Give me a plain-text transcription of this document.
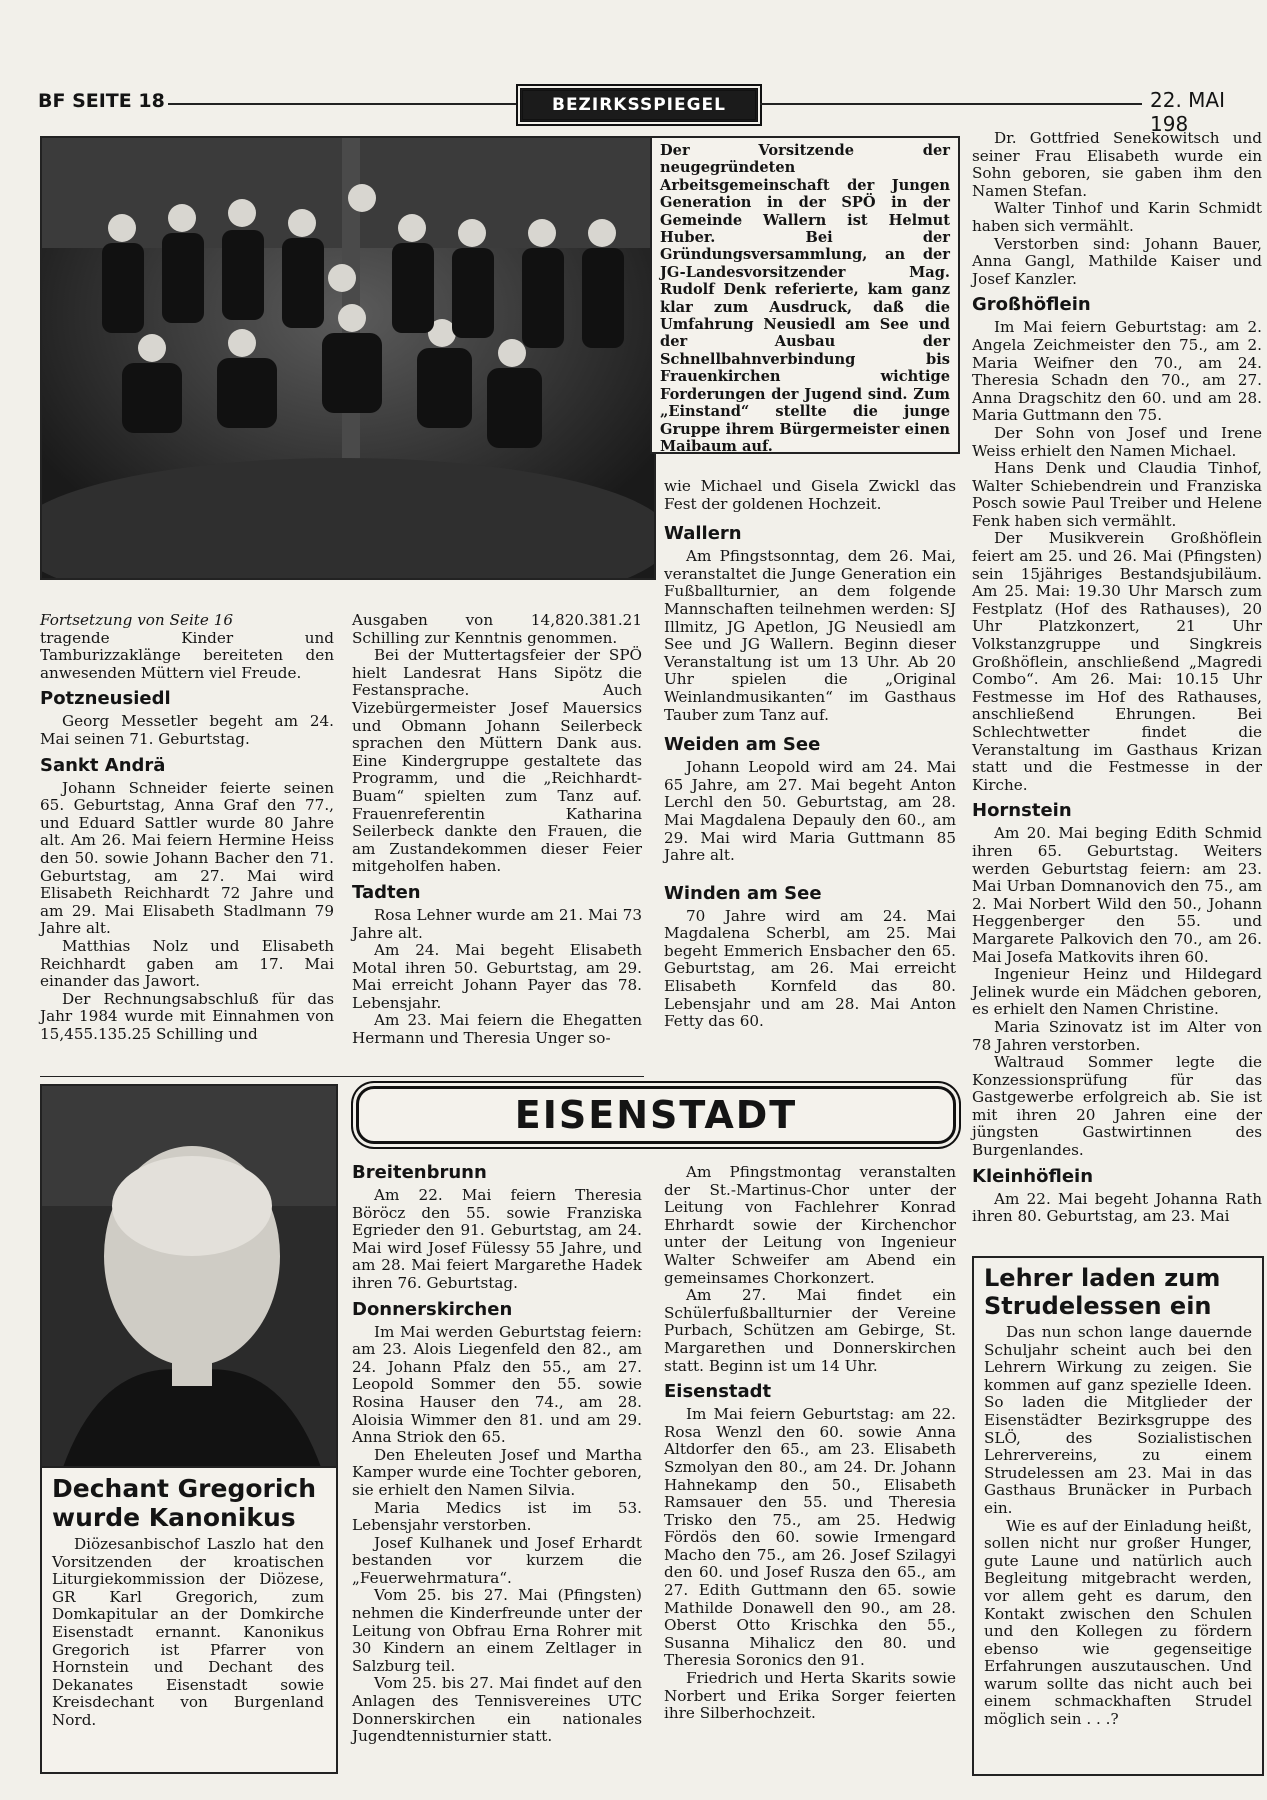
BF SEITE 18	BEZIRKSSPIEGEL	22. MAI 198
Der Vorsitzende der neugegründeten Arbeitsgemeinschaft der Jungen Generation in der SPÖ in der Gemeinde Wallern ist Helmut Huber. Bei der Gründungsversammlung, an der JG-Landesvorsitzender Mag. Rudolf Denk referierte, kam ganz klar zum Ausdruck, daß die Umfahrung Neusiedl am See und der Ausbau der Schnellbahnverbindung bis Frauenkirchen wichtige Forderungen der Jugend sind. Zum „Einstand“ stellte die junge Gruppe ihrem Bürgermeister einen Maibaum auf.

Fortsetzung von Seite 16

tragende Kinder und Tamburizzaklänge bereiteten den anwesenden Müttern viel Freude.

Potzneusiedl

Georg Messetler begeht am 24. Mai seinen 71. Geburtstag.

Sankt Andrä

Johann Schneider feierte seinen 65. Geburtstag, Anna Graf den 77., und Eduard Sattler wurde 80 Jahre alt. Am 26. Mai feiern Hermine Heiss den 50. sowie Johann Bacher den 71. Geburtstag, am 27. Mai wird Elisabeth Reichhardt 72 Jahre und am 29. Mai Elisabeth Stadlmann 79 Jahre alt.

Matthias Nolz und Elisabeth Reichhardt gaben am 17. Mai einander das Jawort.

Der Rechnungsabschluß für das Jahr 1984 wurde mit Einnahmen von 15,455.135.25 Schilling und

Ausgaben von 14,820.381.21 Schilling zur Kenntnis genommen.

Bei der Muttertagsfeier der SPÖ hielt Landesrat Hans Sipötz die Festansprache. Auch Vizebürgermeister Josef Mauersics und Obmann Johann Seilerbeck sprachen den Müttern Dank aus. Eine Kindergruppe gestaltete das Programm, und die „Reichhardt-Buam“ spielten zum Tanz auf. Frauenreferentin Katharina Seilerbeck dankte den Frauen, die am Zustandekommen dieser Feier mitgeholfen haben.

Tadten

Rosa Lehner wurde am 21. Mai 73 Jahre alt.

Am 24. Mai begeht Elisabeth Motal ihren 50. Geburtstag, am 29. Mai erreicht Johann Payer das 78. Lebensjahr.

Am 23. Mai feiern die Ehegatten Hermann und Theresia Unger so-

wie Michael und Gisela Zwickl das Fest der goldenen Hochzeit.

Wallern

Am Pfingstsonntag, dem 26. Mai, veranstaltet die Junge Generation ein Fußballturnier, an dem folgende Mannschaften teilnehmen werden: SJ Illmitz, JG Apetlon, JG Neusiedl am See und JG Wallern. Beginn dieser Veranstaltung ist um 13 Uhr. Ab 20 Uhr spielen die „Original Weinlandmusikanten“ im Gasthaus Tauber zum Tanz auf.

Weiden am See

Johann Leopold wird am 24. Mai 65 Jahre, am 27. Mai begeht Anton Lerchl den 50. Geburtstag, am 28. Mai Magdalena Depauly den 60., am 29. Mai wird Maria Guttmann 85 Jahre alt.

Winden am See

70 Jahre wird am 24. Mai Magdalena Scherbl, am 25. Mai begeht Emmerich Ensbacher den 65. Geburtstag, am 26. Mai erreicht Elisabeth Kornfeld das 80. Lebensjahr und am 28. Mai Anton Fetty das 60.

Dr. Gottfried Senekowitsch und seiner Frau Elisabeth wurde ein Sohn geboren, sie gaben ihm den Namen Stefan.

Walter Tinhof und Karin Schmidt haben sich vermählt.

Verstorben sind: Johann Bauer, Anna Gangl, Mathilde Kaiser und Josef Kanzler.

Großhöflein

Im Mai feiern Geburtstag: am 2. Angela Zeichmeister den 75., am 2. Maria Weifner den 70., am 24. Theresia Schadn den 70., am 27. Anna Dragschitz den 60. und am 28. Maria Guttmann den 75.

Der Sohn von Josef und Irene Weiss erhielt den Namen Michael.

Hans Denk und Claudia Tinhof, Walter Schiebendrein und Franziska Posch sowie Paul Treiber und Helene Fenk haben sich vermählt.

Der Musikverein Großhöflein feiert am 25. und 26. Mai (Pfingsten) sein 15jähriges Bestandsjubiläum. Am 25. Mai: 19.30 Uhr Marsch zum Festplatz (Hof des Rathauses), 20 Uhr Platzkonzert, 21 Uhr Volkstanzgruppe und Singkreis Großhöflein, anschließend „Magredi Combo“. Am 26. Mai: 10.15 Uhr Festmesse im Hof des Rathauses, anschließend Ehrungen. Bei Schlechtwetter findet die Veranstaltung im Gasthaus Krizan statt und die Festmesse in der Kirche.

Hornstein

Am 20. Mai beging Edith Schmid ihren 65. Geburtstag. Weiters werden Geburtstag feiern: am 23. Mai Urban Domnanovich den 75., am 2. Mai Norbert Wild den 50., Johann Heggenberger den 55. und Margarete Palkovich den 70., am 26. Mai Josefa Matkovits ihren 60.

Ingenieur Heinz und Hildegard Jelinek wurde ein Mädchen geboren, es erhielt den Namen Christine.

Maria Szinovatz ist im Alter von 78 Jahren verstorben.

Waltraud Sommer legte die Konzessionsprüfung für das Gastgewerbe erfolgreich ab. Sie ist mit ihren 20 Jahren eine der jüngsten Gastwirtinnen des Burgenlandes.

Kleinhöflein

Am 22. Mai begeht Johanna Rath ihren 80. Geburtstag, am 23. Mai

Lehrer laden zum Strudelessen ein

Das nun schon lange dauernde Schuljahr scheint auch bei den Lehrern Wirkung zu zeigen. Sie kommen auf ganz spezielle Ideen. So laden die Mitglieder der Eisenstädter Bezirksgruppe des SLÖ, des Sozialistischen Lehrervereins, zu einem Strudelessen am 23. Mai in das Gasthaus Brunäcker in Purbach ein.

Wie es auf der Einladung heißt, sollen nicht nur großer Hunger, gute Laune und natürlich auch Begleitung mitgebracht werden, vor allem geht es darum, den Kontakt zwischen den Schulen und den Kollegen zu fördern ebenso wie gegenseitige Erfahrungen auszutauschen. Und warum sollte das nicht auch bei einem schmackhaften Strudel möglich sein . . .?

Dechant Gregorich wurde Kanonikus

Diözesanbischof Laszlo hat den Vorsitzenden der kroatischen Liturgiekommission der Diözese, GR Karl Gregorich, zum Domkapitular an der Domkirche Eisenstadt ernannt. Kanonikus Gregorich ist Pfarrer von Hornstein und Dechant des Dekanates Eisenstadt sowie Kreisdechant von Burgenland Nord.

EISENSTADT
Breitenbrunn

Am 22. Mai feiern Theresia Böröcz den 55. sowie Franziska Egrieder den 91. Geburtstag, am 24. Mai wird Josef Fülessy 55 Jahre, und am 28. Mai feiert Margarethe Hadek ihren 76. Geburtstag.

Donnerskirchen

Im Mai werden Geburtstag feiern: am 23. Alois Liegenfeld den 82., am 24. Johann Pfalz den 55., am 27. Leopold Sommer den 55. sowie Rosina Hauser den 74., am 28. Aloisia Wimmer den 81. und am 29. Anna Striok den 65.

Den Eheleuten Josef und Martha Kamper wurde eine Tochter geboren, sie erhielt den Namen Silvia.

Maria Medics ist im 53. Lebensjahr verstorben.

Josef Kulhanek und Josef Erhardt bestanden vor kurzem die „Feuerwehrmatura“.

Vom 25. bis 27. Mai (Pfingsten) nehmen die Kinderfreunde unter der Leitung von Obfrau Erna Rohrer mit 30 Kindern an einem Zeltlager in Salzburg teil.

Vom 25. bis 27. Mai findet auf den Anlagen des Tennisvereines UTC Donnerskirchen ein nationales Jugendtennisturnier statt.

Am Pfingstmontag veranstalten der St.-Martinus-Chor unter der Leitung von Fachlehrer Konrad Ehrhardt sowie der Kirchenchor unter der Leitung von Ingenieur Walter Schweifer am Abend ein gemeinsames Chorkonzert.

Am 27. Mai findet ein Schülerfußballturnier der Vereine Purbach, Schützen am Gebirge, St. Margarethen und Donnerskirchen statt. Beginn ist um 14 Uhr.

Eisenstadt

Im Mai feiern Geburtstag: am 22. Rosa Wenzl den 60. sowie Anna Altdorfer den 65., am 23. Elisabeth Szmolyan den 80., am 24. Dr. Johann Hahnekamp den 50., Elisabeth Ramsauer den 55. und Theresia Trisko den 75., am 25. Hedwig Fördös den 60. sowie Irmengard Macho den 75., am 26. Josef Szilagyi den 60. und Josef Rusza den 65., am 27. Edith Guttmann den 65. sowie Mathilde Donawell den 90., am 28. Oberst Otto Krischka den 55., Susanna Mihalicz den 80. und Theresia Soronics den 91.

Friedrich und Herta Skarits sowie Norbert und Erika Sorger feierten ihre Silberhochzeit.
